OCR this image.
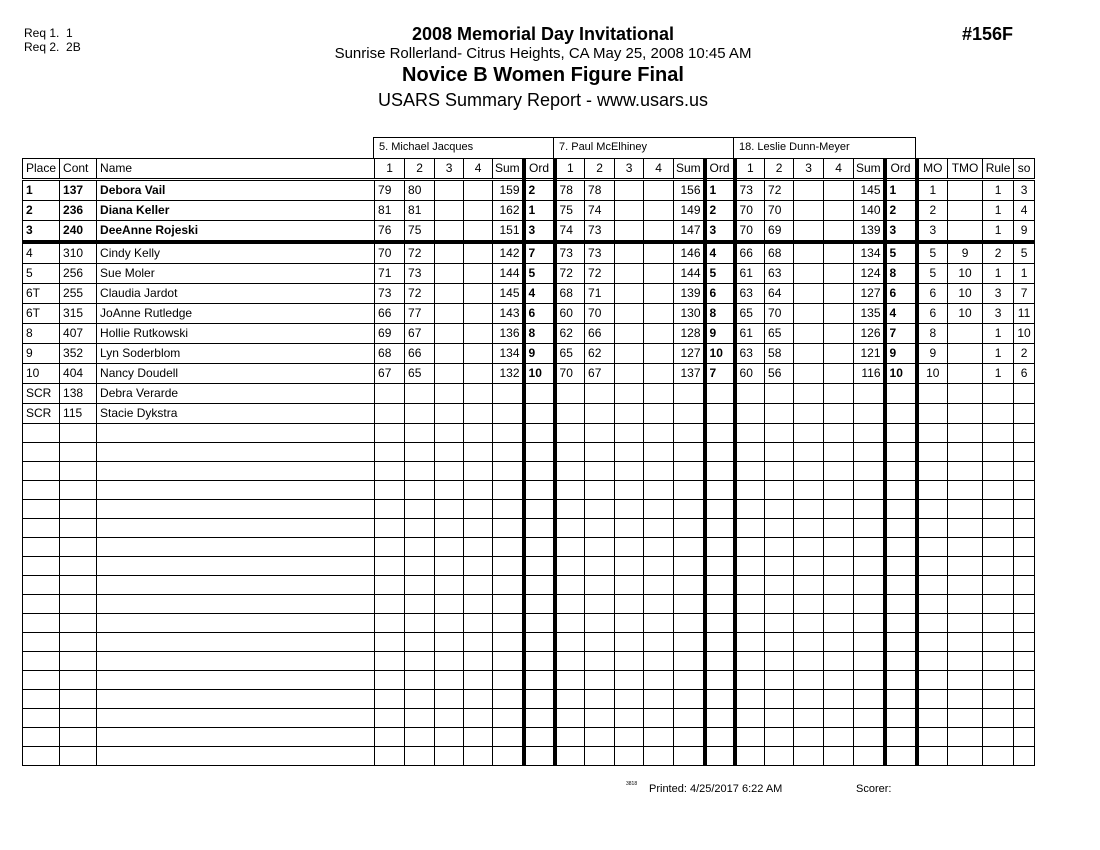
Req 1. 1
Req 2. 2B
2008 Memorial Day Invitational
Sunrise Rollerland- Citrus Heights, CA May 25, 2008 10:45 AM
Novice B Women Figure Final
USARS Summary Report - www.usars.us
#156F
5. Michael Jacques	7. Paul McElhiney	18. Leslie Dunn-Meyer
Place	Cont	Name	1	2	3	4	Sum	Ord	1	2	3	4	Sum	Ord	1	2	3	4	Sum	Ord	MO	TMO	Rule	so
1	137	Debora Vail	79	80			159	2	78	78			156	1	73	72			145	1	1		1	3
2	236	Diana Keller	81	81			162	1	75	74			149	2	70	70			140	2	2		1	4
3	240	DeeAnne Rojeski	76	75			151	3	74	73			147	3	70	69			139	3	3		1	9
4	310	Cindy Kelly	70	72			142	7	73	73			146	4	66	68			134	5	5	9	2	5
5	256	Sue Moler	71	73			144	5	72	72			144	5	61	63			124	8	5	10	1	1
6T	255	Claudia Jardot	73	72			145	4	68	71			139	6	63	64			127	6	6	10	3	7
6T	315	JoAnne Rutledge	66	77			143	6	60	70			130	8	65	70			135	4	6	10	3	11
8	407	Hollie Rutkowski	69	67			136	8	62	66			128	9	61	65			126	7	8		1	10
9	352	Lyn Soderblom	68	66			134	9	65	62			127	10	63	58			121	9	9		1	2
10	404	Nancy Doudell	67	65			132	10	70	67			137	7	60	56			116	10	10		1	6
SCR	138	Debra Verarde																						
SCR	115	Stacie Dykstra																						

3818 Printed: 4/25/2017 6:22 AM	Scorer:
